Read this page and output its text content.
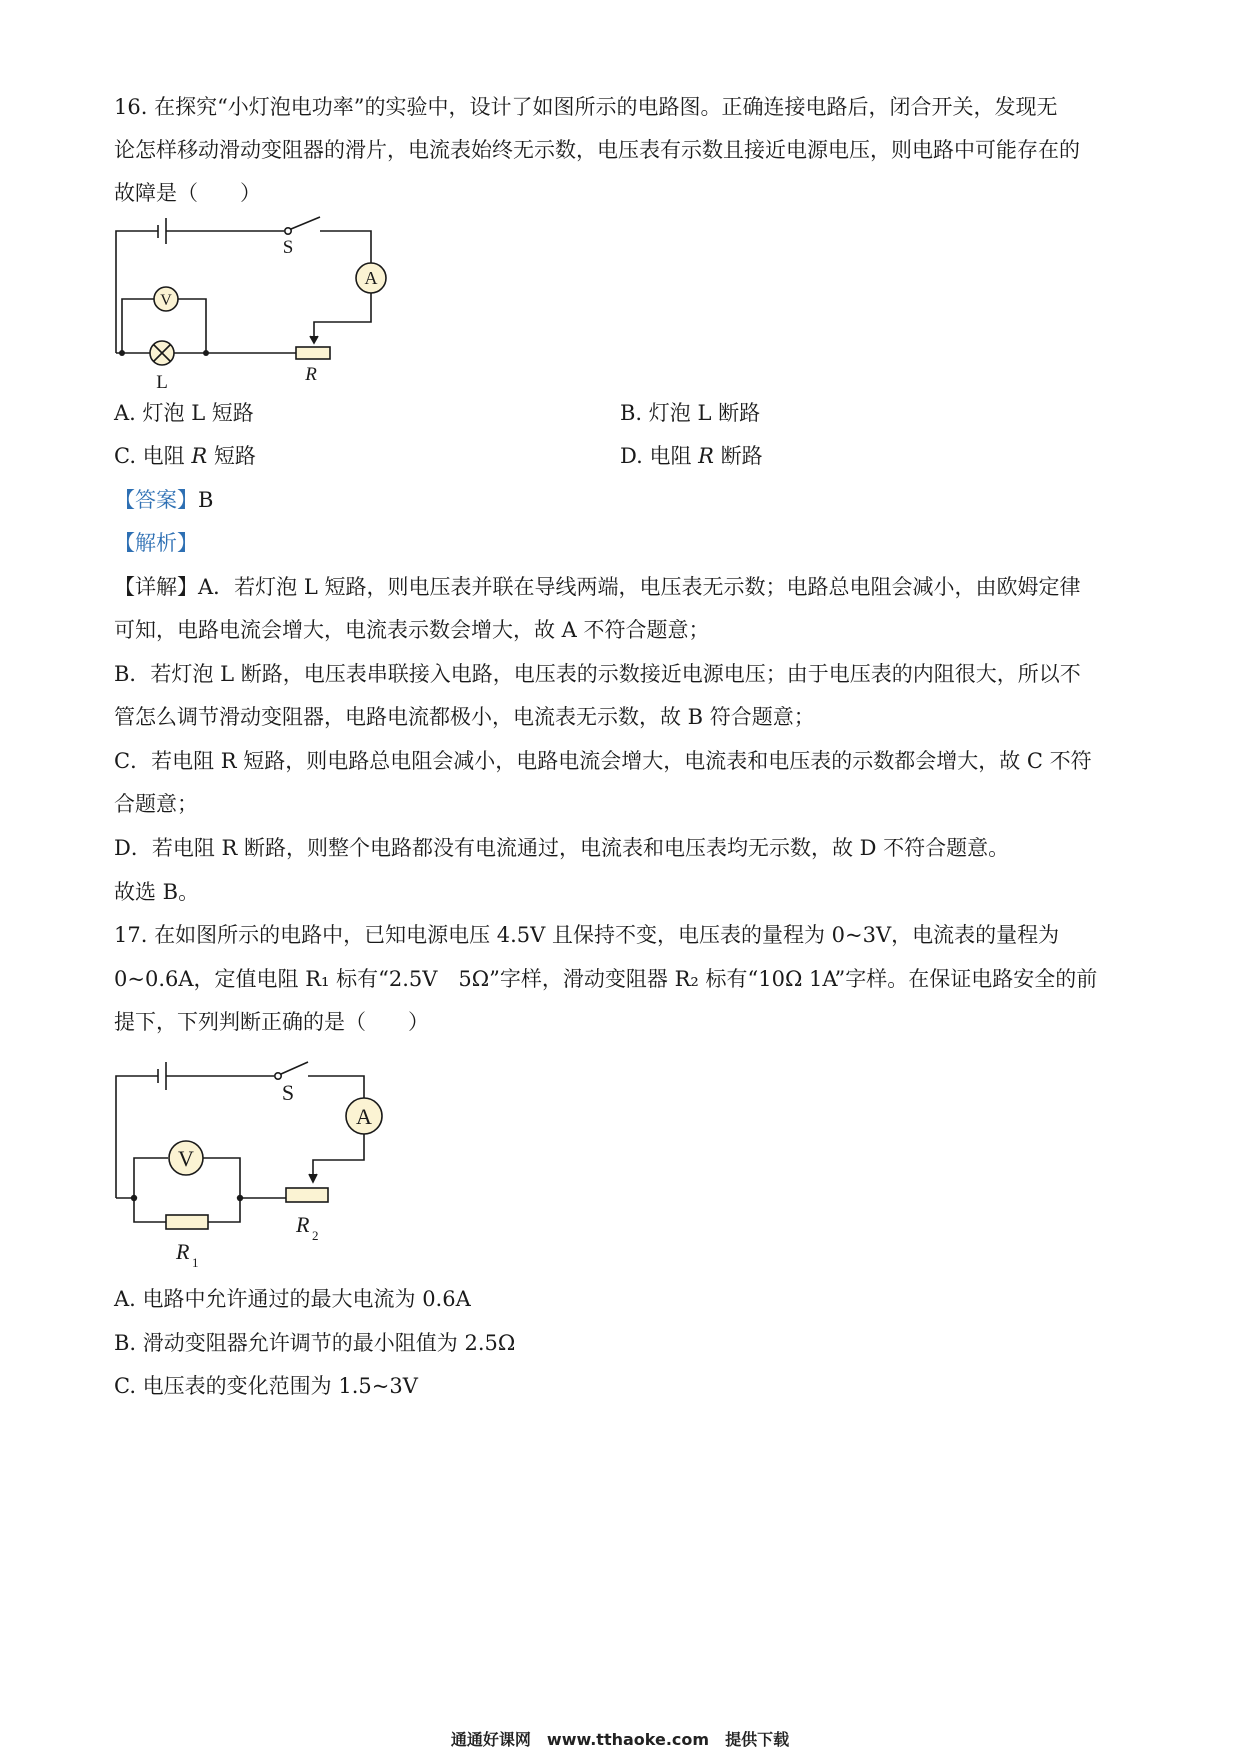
16. 在探究“小灯泡电功率”的实验中，设计了如图所示的电路图。正确连接电路后，闭合开关，发现无
论怎样移动滑动变阻器的滑片，电流表始终无示数，电压表有示数且接近电源电压，则电路中可能存在的
故障是（　　）
S
A
V
L	R
A. 灯泡 L 短路	B. 灯泡 L 断路
C. 电阻 R 短路	D. 电阻 R 断路
【答案】B
【解析】
【详解】A．若灯泡 L 短路，则电压表并联在导线两端，电压表无示数；电路总电阻会减小，由欧姆定律
可知，电路电流会增大，电流表示数会增大，故 A 不符合题意；
B．若灯泡 L 断路，电压表串联接入电路，电压表的示数接近电源电压；由于电压表的内阻很大，所以不
管怎么调节滑动变阻器，电路电流都极小，电流表无示数，故 B 符合题意；
C．若电阻 R 短路，则电路总电阻会减小，电路电流会增大，电流表和电压表的示数都会增大，故 C 不符
合题意；
D．若电阻 R 断路，则整个电路都没有电流通过，电流表和电压表均无示数，故 D 不符合题意。
故选 B。
17. 在如图所示的电路中，已知电源电压 4.5V 且保持不变，电压表的量程为 0~3V，电流表的量程为
0~0.6A，定值电阻 R₁ 标有“2.5V　5Ω”字样，滑动变阻器 R₂ 标有“10Ω 1A”字样。在保证电路安全的前
提下，下列判断正确的是（　　）
S
A
V
R 2
R 1
A. 电路中允许通过的最大电流为 0.6A
B. 滑动变阻器允许调节的最小阻值为 2.5Ω
C. 电压表的变化范围为 1.5~3V
通通好课网　www.tthaoke.com　提供下载
